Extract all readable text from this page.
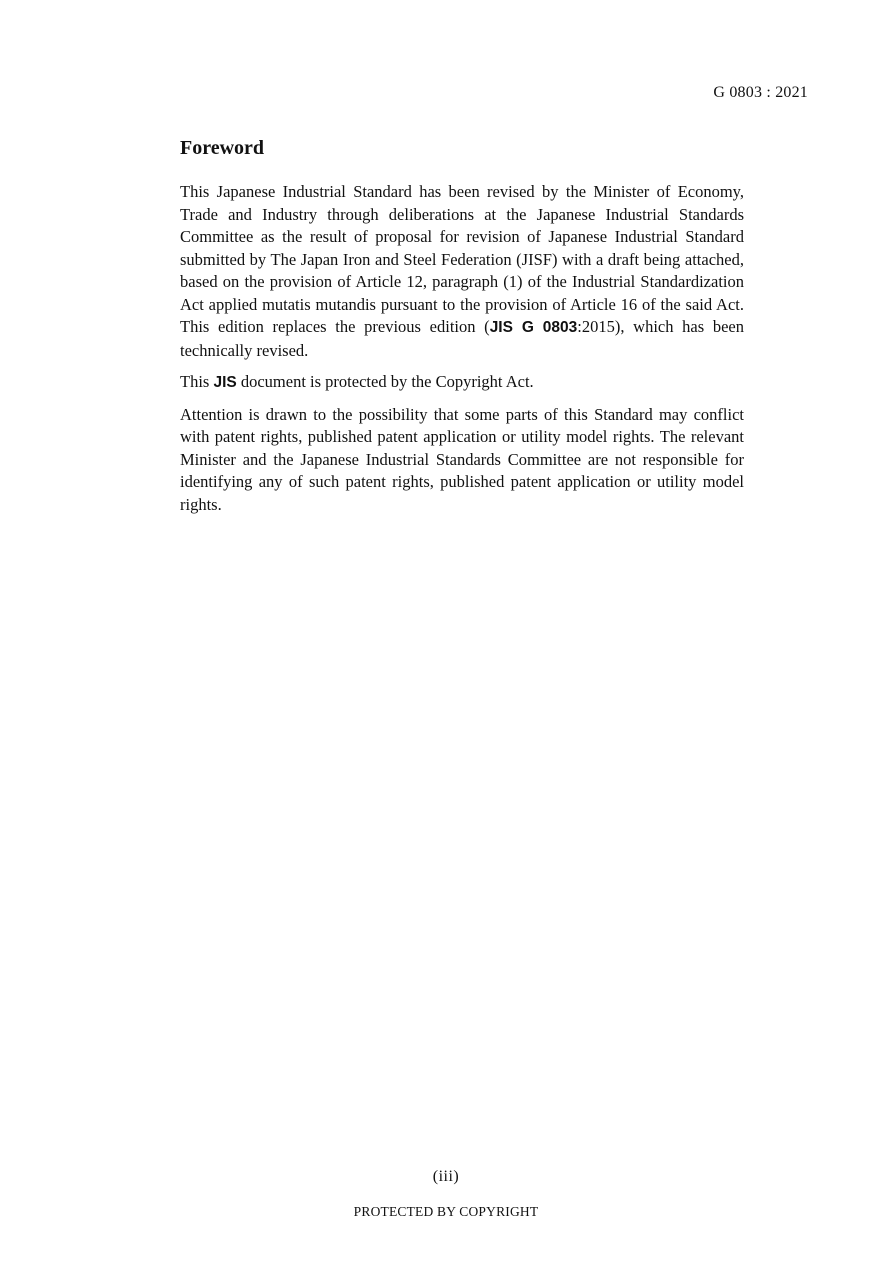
G 0803 : 2021
Foreword

This Japanese Industrial Standard has been revised by the Minister of Economy, Trade and Industry through deliberations at the Japanese Industrial Standards Committee as the result of proposal for revision of Japanese Industrial Standard submitted by The Japan Iron and Steel Federation (JISF) with a draft being attached, based on the provision of Article 12, paragraph (1) of the Industrial Standardization Act applied mutatis mutandis pursuant to the provision of Article 16 of the said Act. This edition replaces the previous edition (JIS G 0803:2015), which has been technically revised.

This JIS document is protected by the Copyright Act.

Attention is drawn to the possibility that some parts of this Standard may conflict with patent rights, published patent application or utility model rights. The relevant Minister and the Japanese Industrial Standards Committee are not responsible for identifying any of such patent rights, published patent application or utility model rights.

(iii)
PROTECTED BY COPYRIGHT
